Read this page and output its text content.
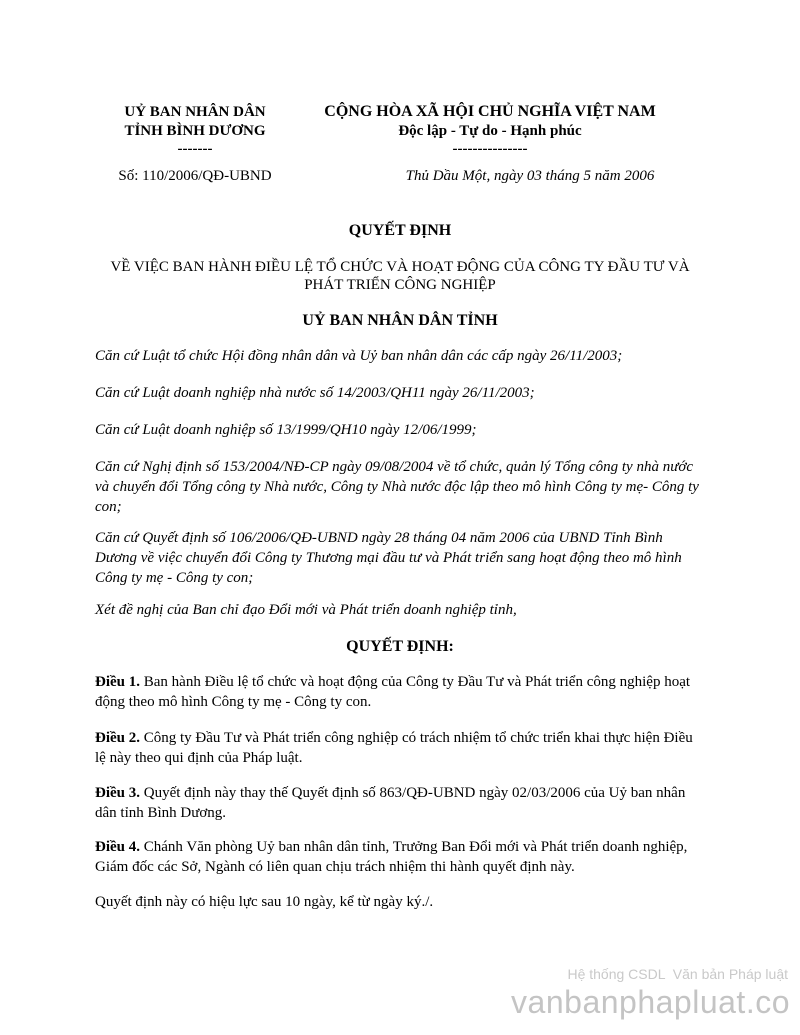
UỶ BAN NHÂN DÂN
TỈNH BÌNH DƯƠNG
-------
Số: 110/2006/QĐ-UBND
CỘNG HÒA XÃ HỘI CHỦ NGHĨA VIỆT NAM
Độc lập - Tự do - Hạnh phúc
---------------
Thủ Dầu Một, ngày 03 tháng 5 năm 2006
QUYẾT ĐỊNH
VỀ VIỆC BAN HÀNH ĐIỀU LỆ TỔ CHỨC VÀ HOẠT ĐỘNG CỦA CÔNG TY ĐẦU TƯ VÀ
PHÁT TRIỂN CÔNG NGHIỆP
UỶ BAN NHÂN DÂN TỈNH
Căn cứ Luật tổ chức Hội đồng nhân dân và Uỷ ban nhân dân các cấp ngày 26/11/2003;
Căn cứ Luật doanh nghiệp nhà nước số 14/2003/QH11 ngày 26/11/2003;
Căn cứ Luật doanh nghiệp số 13/1999/QH10 ngày 12/06/1999;
Căn cứ Nghị định số 153/2004/NĐ-CP ngày 09/08/2004 về tổ chức, quản lý Tổng công ty nhà nước và chuyển đổi Tổng công ty Nhà nước, Công ty Nhà nước độc lập theo mô hình Công ty mẹ- Công ty con;
Căn cứ Quyết định số 106/2006/QĐ-UBND ngày 28 tháng 04 năm 2006 của UBND Tỉnh Bình Dương về việc chuyển đổi Công ty Thương mại đầu tư và Phát triển sang hoạt động theo mô hình Công ty mẹ - Công ty con;
Xét đề nghị của Ban chỉ đạo Đổi mới và Phát triển doanh nghiệp tỉnh,
QUYẾT ĐỊNH:
Điều 1. Ban hành Điều lệ tổ chức và hoạt động của Công ty Đầu Tư và Phát triển công nghiệp hoạt động theo mô hình Công ty mẹ - Công ty con.
Điều 2. Công ty Đầu Tư và Phát triển công nghiệp có trách nhiệm tổ chức triển khai thực hiện Điều lệ này theo qui định của Pháp luật.
Điều 3. Quyết định này thay thế Quyết định số 863/QĐ-UBND ngày 02/03/2006 của Uỷ ban nhân dân tỉnh Bình Dương.
Điều 4. Chánh Văn phòng Uỷ ban nhân dân tỉnh, Trưởng Ban Đổi mới và Phát triển doanh nghiệp, Giám đốc các Sở, Ngành có liên quan chịu trách nhiệm thi hành quyết định này.
Quyết định này có hiệu lực sau 10 ngày, kể từ ngày ký./.
Hệ thống CSDL  Văn bản Pháp luật
vanbanphapluat.co
